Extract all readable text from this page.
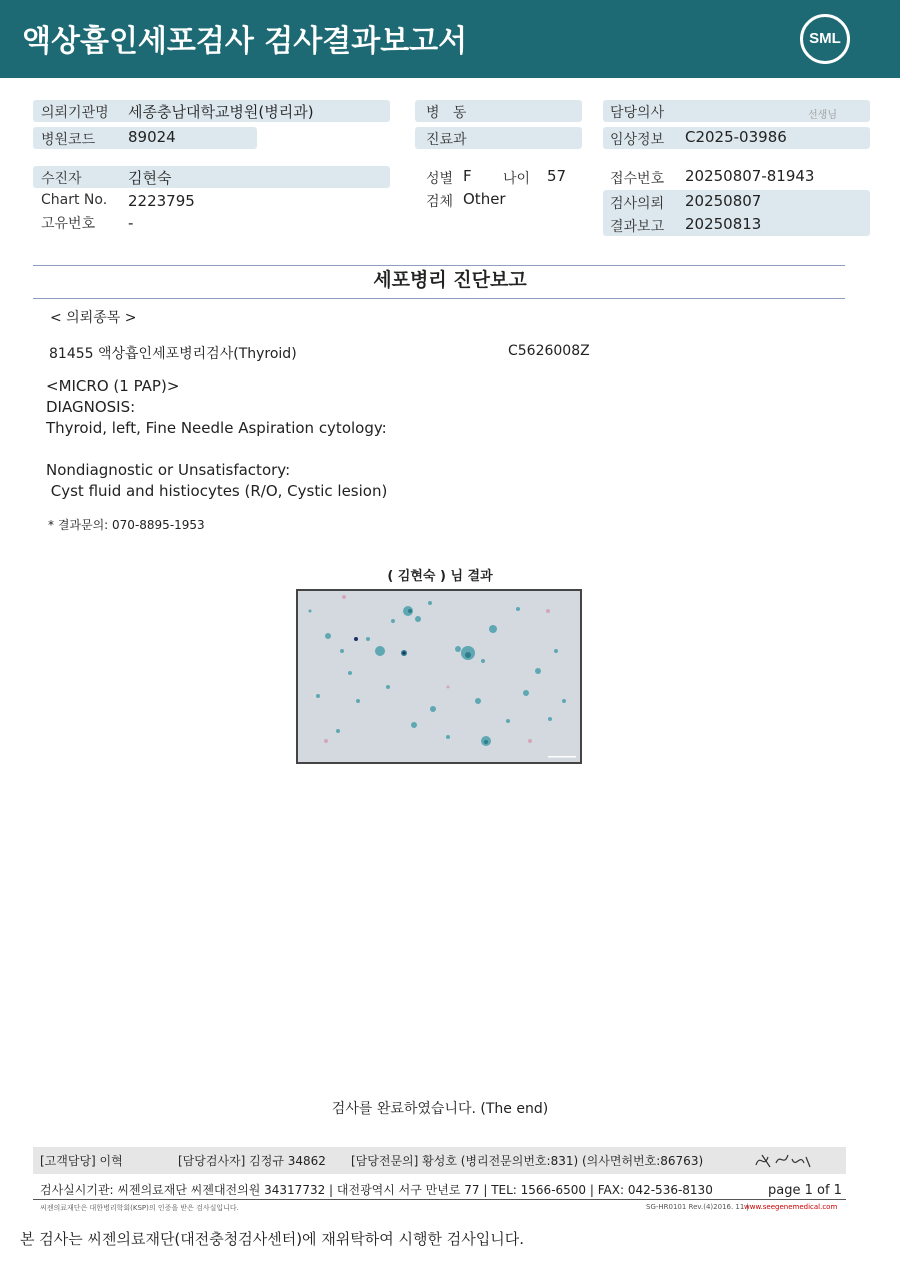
액상흡인세포검사 검사결과보고서	SML
의뢰기관명 세종충남대학교병원(병리과)
병원코드 89024
병   동
진료과
담당의사	선생님
임상정보 C2025-03986
수진자	김현숙
Chart No. 2223795
고유번호 -
성별 F 나이 57
검체 Other
접수번호 20250807-81943
검사의뢰 20250807
결과보고 20250813
세포병리 진단보고
< 의뢰종목 >
81455 액상흡인세포병리검사(Thyroid)	C5626008Z
<MICRO (1 PAP)>
DIAGNOSIS:
Thyroid, left, Fine Needle Aspiration cytology:
Nondiagnostic or Unsatisfactory:
Cyst fluid and histiocytes (R/O, Cystic lesion)
* 결과문의: 070-8895-1953
( 김현숙 ) 님 결과
검사를 완료하였습니다. (The end)
[고객담당] 이혁	[담당검사자] 김정규 34862 [담당전문의] 황성호 (병리전문의번호:831) (의사면허번호:86763)
검사실시기관: 씨젠의료재단 씨젠대전의원 34317732 | 대전광역시 서구 만년로 77 | TEL: 1566-6500 | FAX: 042-536-8130	page 1 of 1
씨젠의료재단은 대한병리학회(KSP)의 인증을 받은 검사실입니다.	SG-HR0101 Rev.(4)2016. 11 |
www.seegenemedical.com
본 검사는 씨젠의료재단(대전충청검사센터)에 재위탁하여 시행한 검사입니다.
